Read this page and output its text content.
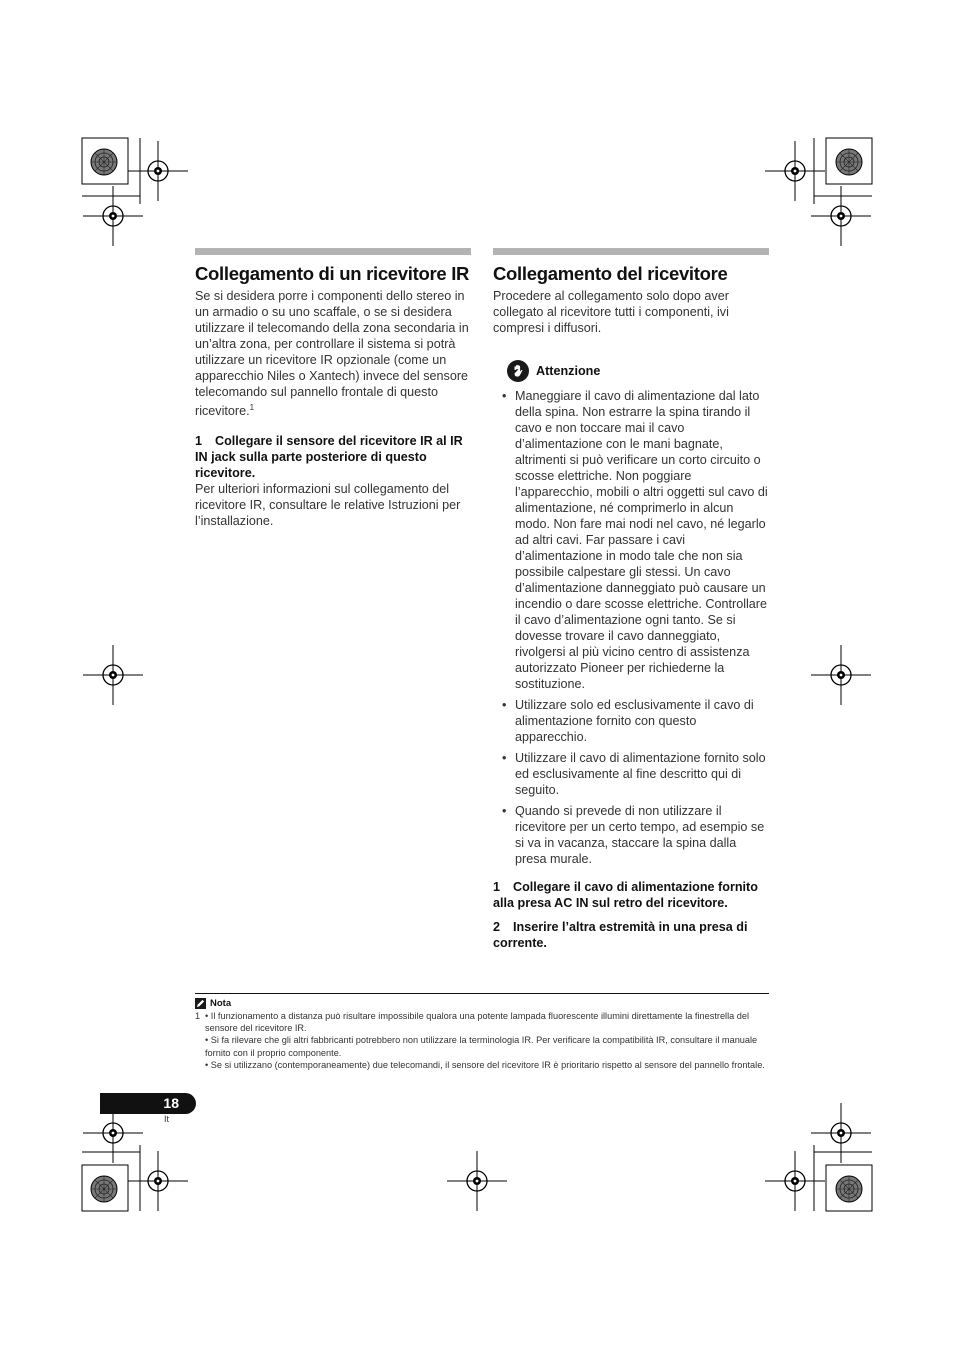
Collegamento di un ricevitore IR

Se si desidera porre i componenti dello stereo in un armadio o su uno scaffale, o se si desidera utilizzare il telecomando della zona secondaria in un’altra zona, per controllare il sistema si potrà utilizzare un ricevitore IR opzionale (come un apparecchio Niles o Xantech) invece del sensore telecomando sul pannello frontale di questo ricevitore.$^1$

1 Collegare il sensore del ricevitore IR al IR IN jack sulla parte posteriore di questo ricevitore.

Per ulteriori informazioni sul collegamento del ricevitore IR, consultare le relative Istruzioni per l’installazione.

Collegamento del ricevitore

Procedere al collegamento solo dopo aver collegato al ricevitore tutti i componenti, ivi compresi i diffusori.

Attenzione
• Maneggiare il cavo di alimentazione dal lato della spina. Non estrarre la spina tirando il cavo e non toccare mai il cavo d’alimentazione con le mani bagnate, altrimenti si può verificare un corto circuito o scosse elettriche. Non poggiare l’apparecchio, mobili o altri oggetti sul cavo di alimentazione, né comprimerlo in alcun modo. Non fare mai nodi nel cavo, né legarlo ad altri cavi. Far passare i cavi d’alimentazione in modo tale che non sia possibile calpestare gli stessi. Un cavo d’alimentazione danneggiato può causare un incendio o dare scosse elettriche. Controllare il cavo d’alimentazione ogni tanto. Se si dovesse trovare il cavo danneggiato, rivolgersi al più vicino centro di assistenza autorizzato Pioneer per richiederne la sostituzione.
• Utilizzare solo ed esclusivamente il cavo di alimentazione fornito con questo apparecchio.
• Utilizzare il cavo di alimentazione fornito solo ed esclusivamente al fine descritto qui di seguito.
• Quando si prevede di non utilizzare il ricevitore per un certo tempo, ad esempio se si va in vacanza, staccare la spina dalla presa murale.
1 Collegare il cavo di alimentazione fornito alla presa AC IN sul retro del ricevitore.
2 Inserire l’altra estremità in una presa di corrente.
Nota
1 • Il funzionamento a distanza può risultare impossibile qualora una potente lampada fluorescente illumini direttamente la finestrella del sensore del ricevitore IR.
• Si fa rilevare che gli altri fabbricanti potrebbero non utilizzare la terminologia IR. Per verificare la compatibilità IR, consultare il manuale fornito con il proprio componente.
• Se si utilizzano (contemporaneamente) due telecomandi, il sensore del ricevitore IR è prioritario rispetto al sensore del pannello frontale.
18
It
